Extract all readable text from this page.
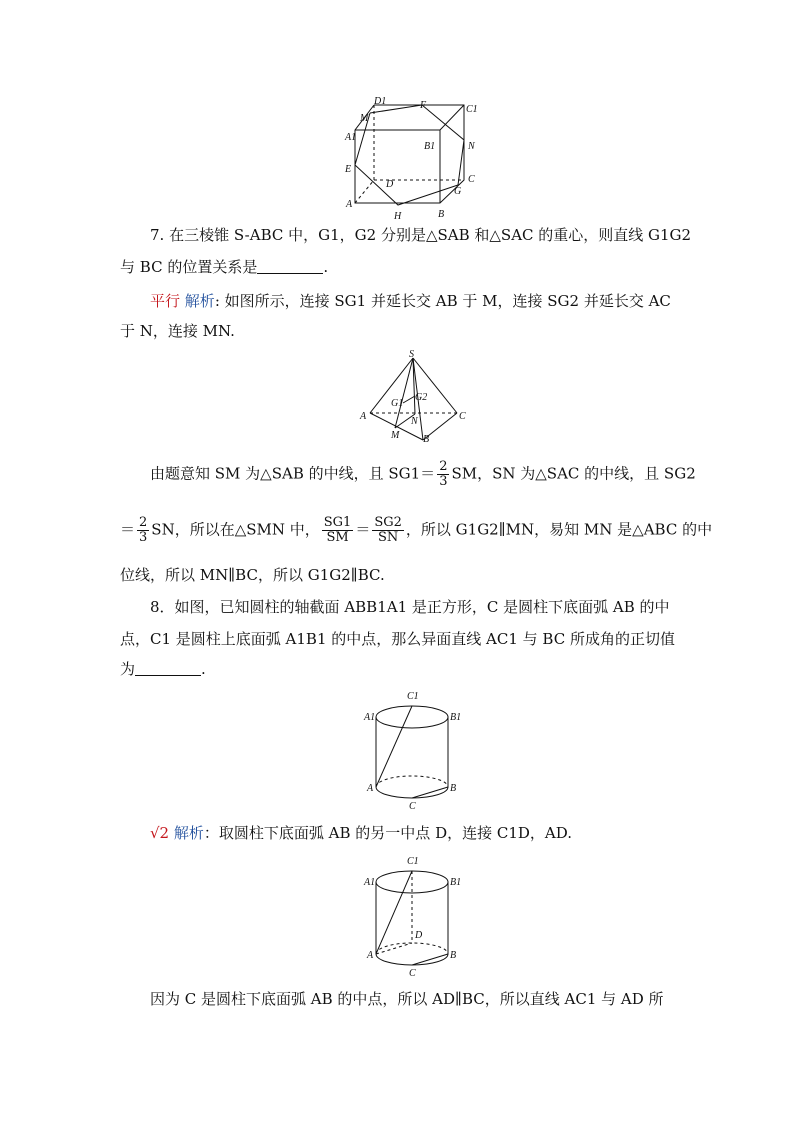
D1	F	C1
M
A1
B1	N
E
D	C
A
H
G
B
7. 在三棱锥 S-ABC 中，G1，G2 分别是△SAB 和△SAC 的重心，则直线 G1G2
与 BC 的位置关系是	.
平行 解析: 如图所示，连接 SG1 并延长交 AB 于 M，连接 SG2 并延长交 AC
于 N，连接 MN.
S
G1
G2
A	C
N
M B
由题意知 SM 为△SAB 的中线，且 $SG1= \frac{2}{3}$ SM，SN 为△SAC 的中线，且 SG2
＝ $\frac{2}{3}$ SN，所以在△SMN 中， $\frac{SG1}{SM} = \frac{SG2}{SN}$ ，所以 G1G2∥MN，易知 MN 是△ABC 的中
位线，所以 MN∥BC，所以 G1G2∥BC.
8．如图，已知圆柱的轴截面 ABB1A1 是正方形，C 是圆柱下底面弧 AB 的中
点，C1 是圆柱上底面弧 A1B1 的中点，那么异面直线 AC1 与 BC 所成角的正切值
为	.
C1
A1	B1
A	B
C
√2 解析：取圆柱下底面弧 AB 的另一中点 D，连接 C1D，AD.
C1
A1	B1
D
A	B
C
因为 C 是圆柱下底面弧 AB 的中点，所以 AD∥BC，所以直线 AC1 与 AD 所
